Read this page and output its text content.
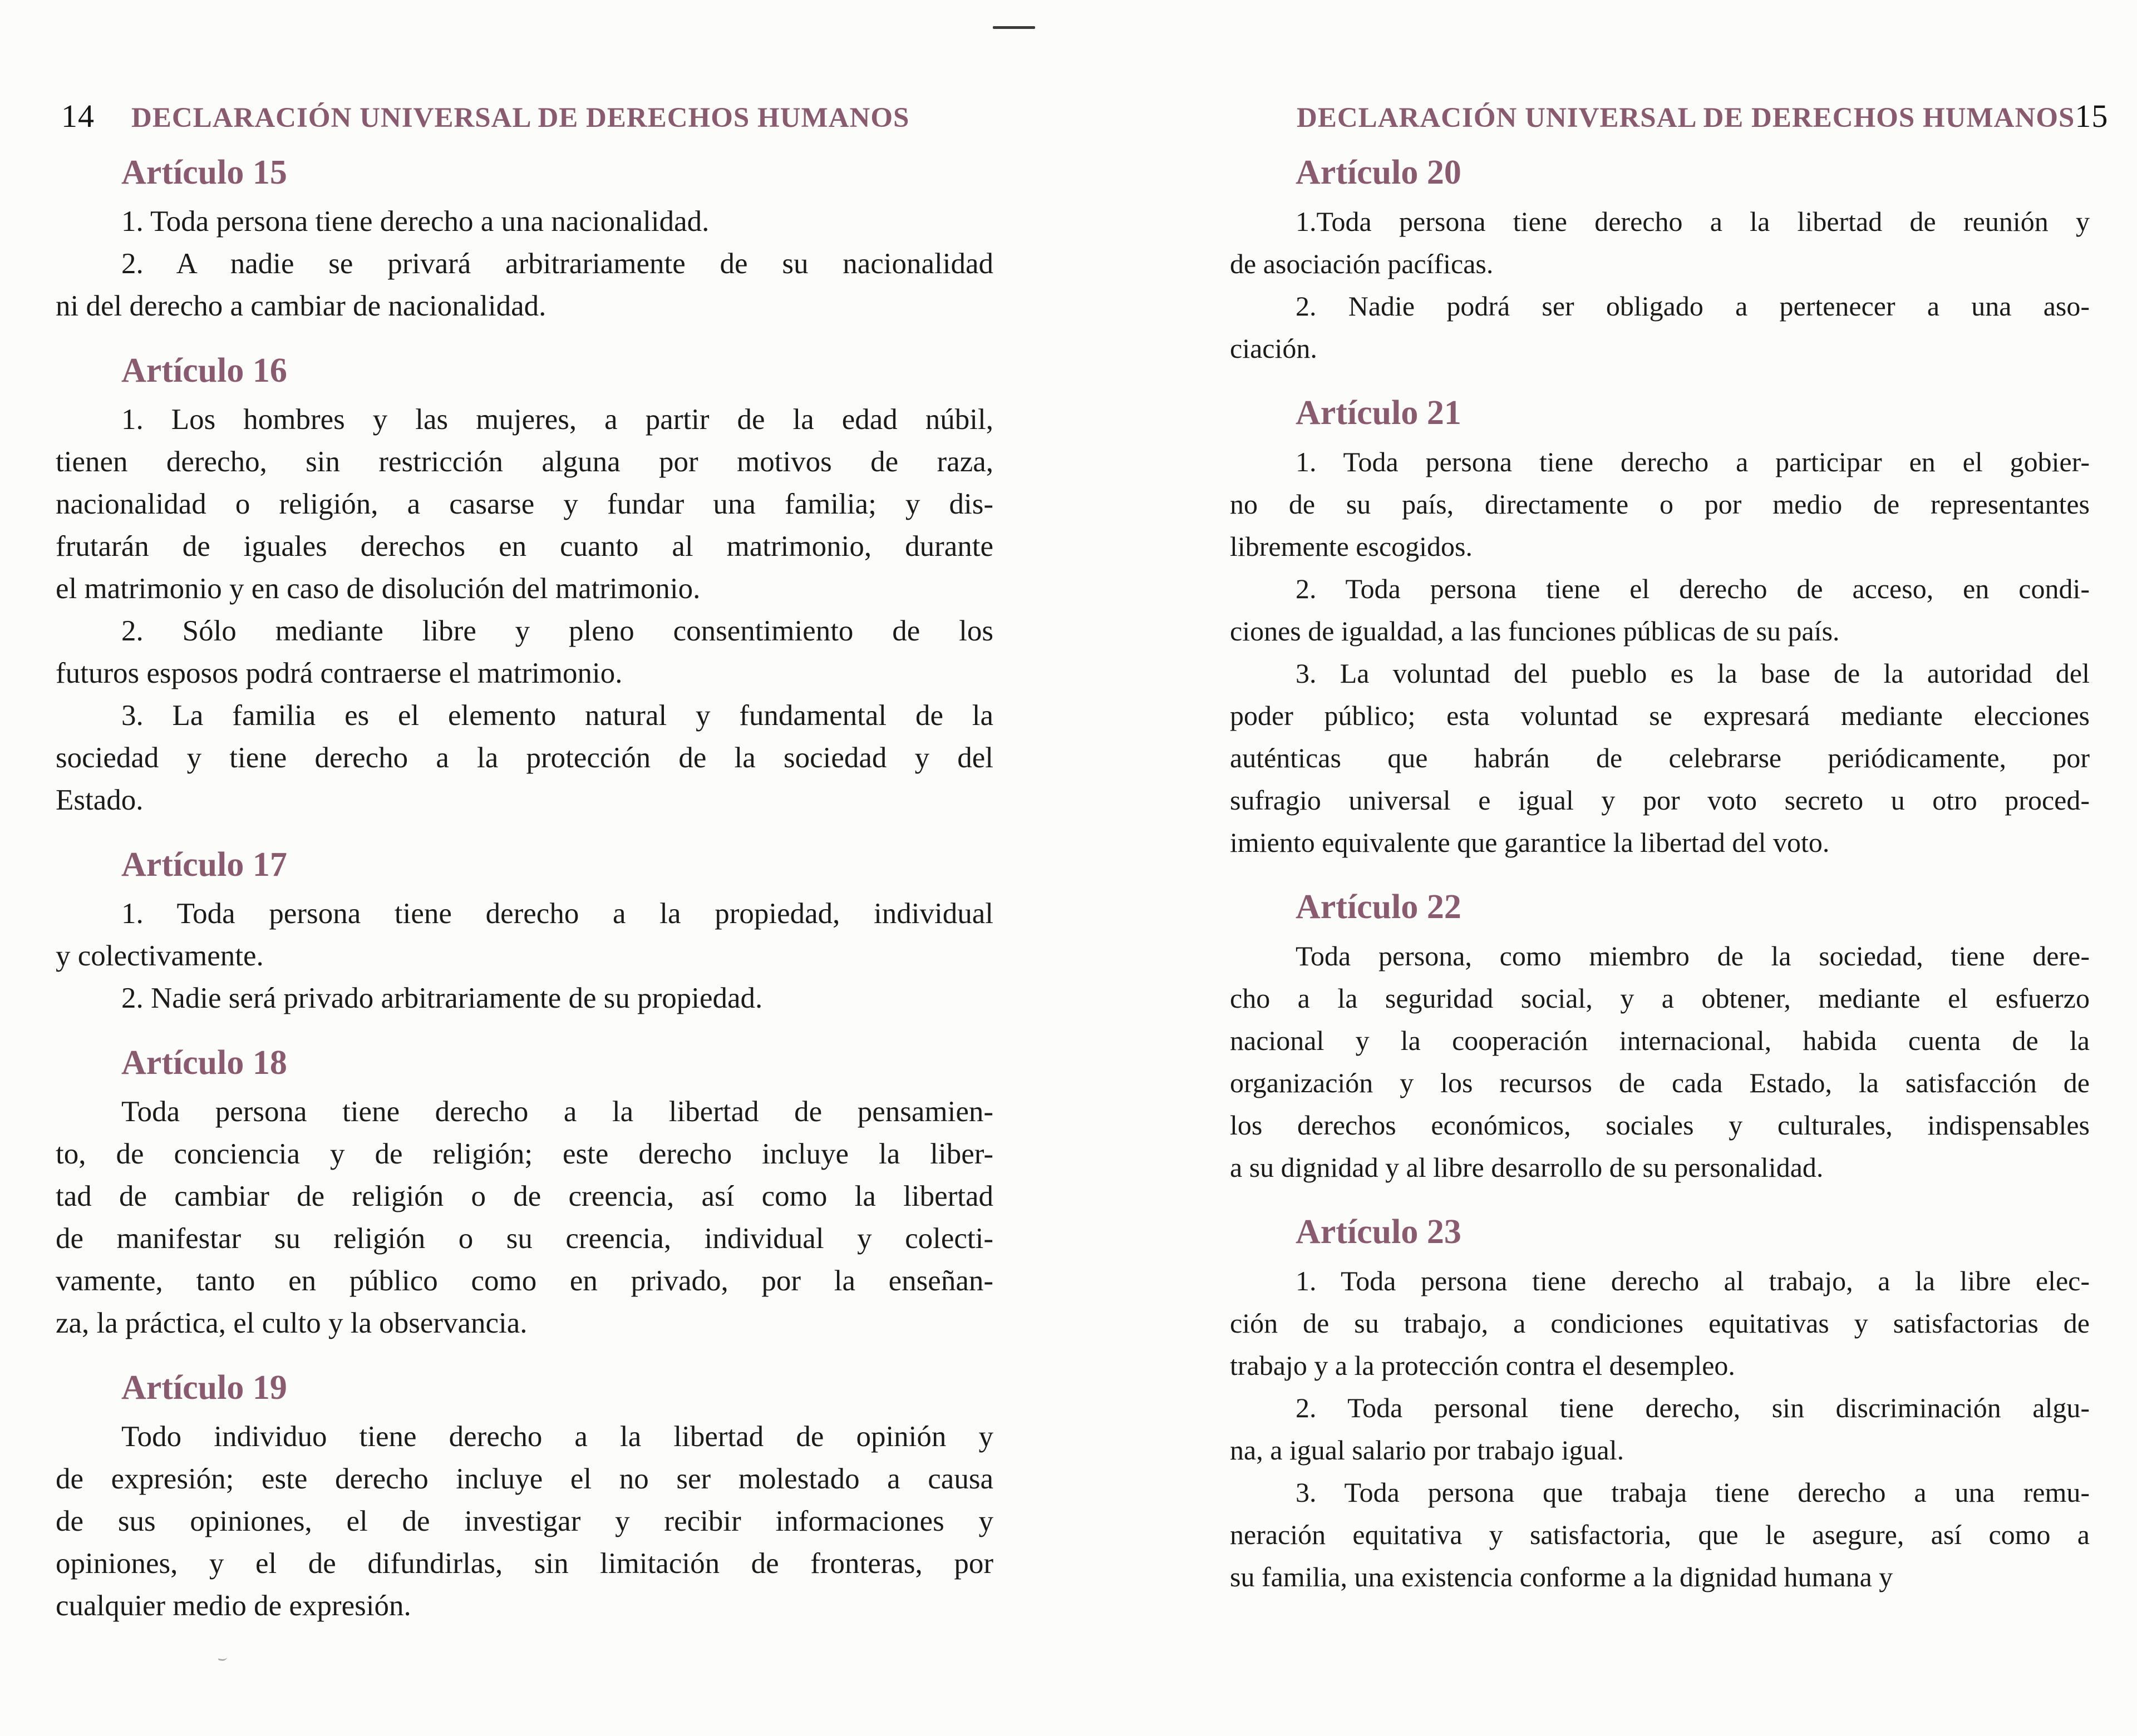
14 DECLARACIÓN UNIVERSAL DE DERECHOS HUMANOS
Artículo 15
1. Toda persona tiene derecho a una nacionalidad.
2. A nadie se privará arbitrariamente de su nacionalidad
ni del derecho a cambiar de nacionalidad.
Artículo 16
1. Los hombres y las mujeres, a partir de la edad núbil,
tienen derecho, sin restricción alguna por motivos de raza,
nacionalidad o religión, a casarse y fundar una familia; y dis-
frutarán de iguales derechos en cuanto al matrimonio, durante
el matrimonio y en caso de disolución del matrimonio.
2. Sólo mediante libre y pleno consentimiento de los
futuros esposos podrá contraerse el matrimonio.
3. La familia es el elemento natural y fundamental de la
sociedad y tiene derecho a la protección de la sociedad y del
Estado.
Artículo 17
1. Toda persona tiene derecho a la propiedad, individual
y colectivamente.
2. Nadie será privado arbitrariamente de su propiedad.
Artículo 18
Toda persona tiene derecho a la libertad de pensamien-
to, de conciencia y de religión; este derecho incluye la liber-
tad de cambiar de religión o de creencia, así como la libertad
de manifestar su religión o su creencia, individual y colecti-
vamente, tanto en público como en privado, por la enseñan-
za, la práctica, el culto y la observancia.
Artículo 19
Todo individuo tiene derecho a la libertad de opinión y
de expresión; este derecho incluye el no ser molestado a causa
de sus opiniones, el de investigar y recibir informaciones y
opiniones, y el de difundirlas, sin limitación de fronteras, por
cualquier medio de expresión.
DECLARACIÓN UNIVERSAL DE DERECHOS HUMANOS 15
Artículo 20
1.Toda persona tiene derecho a la libertad de reunión y
de asociación pacíficas.
2. Nadie podrá ser obligado a pertenecer a una aso-
ciación.
Artículo 21
1. Toda persona tiene derecho a participar en el gobier-
no de su país, directamente o por medio de representantes
libremente escogidos.
2. Toda persona tiene el derecho de acceso, en condi-
ciones de igualdad, a las funciones públicas de su país.
3. La voluntad del pueblo es la base de la autoridad del
poder público; esta voluntad se expresará mediante elecciones
auténticas que habrán de celebrarse periódicamente, por
sufragio universal e igual y por voto secreto u otro proced-
imiento equivalente que garantice la libertad del voto.
Artículo 22
Toda persona, como miembro de la sociedad, tiene dere-
cho a la seguridad social, y a obtener, mediante el esfuerzo
nacional y la cooperación internacional, habida cuenta de la
organización y los recursos de cada Estado, la satisfacción de
los derechos económicos, sociales y culturales, indispensables
a su dignidad y al libre desarrollo de su personalidad.
Artículo 23
1. Toda persona tiene derecho al trabajo, a la libre elec-
ción de su trabajo, a condiciones equitativas y satisfactorias de
trabajo y a la protección contra el desempleo.
2. Toda personal tiene derecho, sin discriminación algu-
na, a igual salario por trabajo igual.
3. Toda persona que trabaja tiene derecho a una remu-
neración equitativa y satisfactoria, que le asegure, así como a
su familia, una existencia conforme a la dignidad humana y
